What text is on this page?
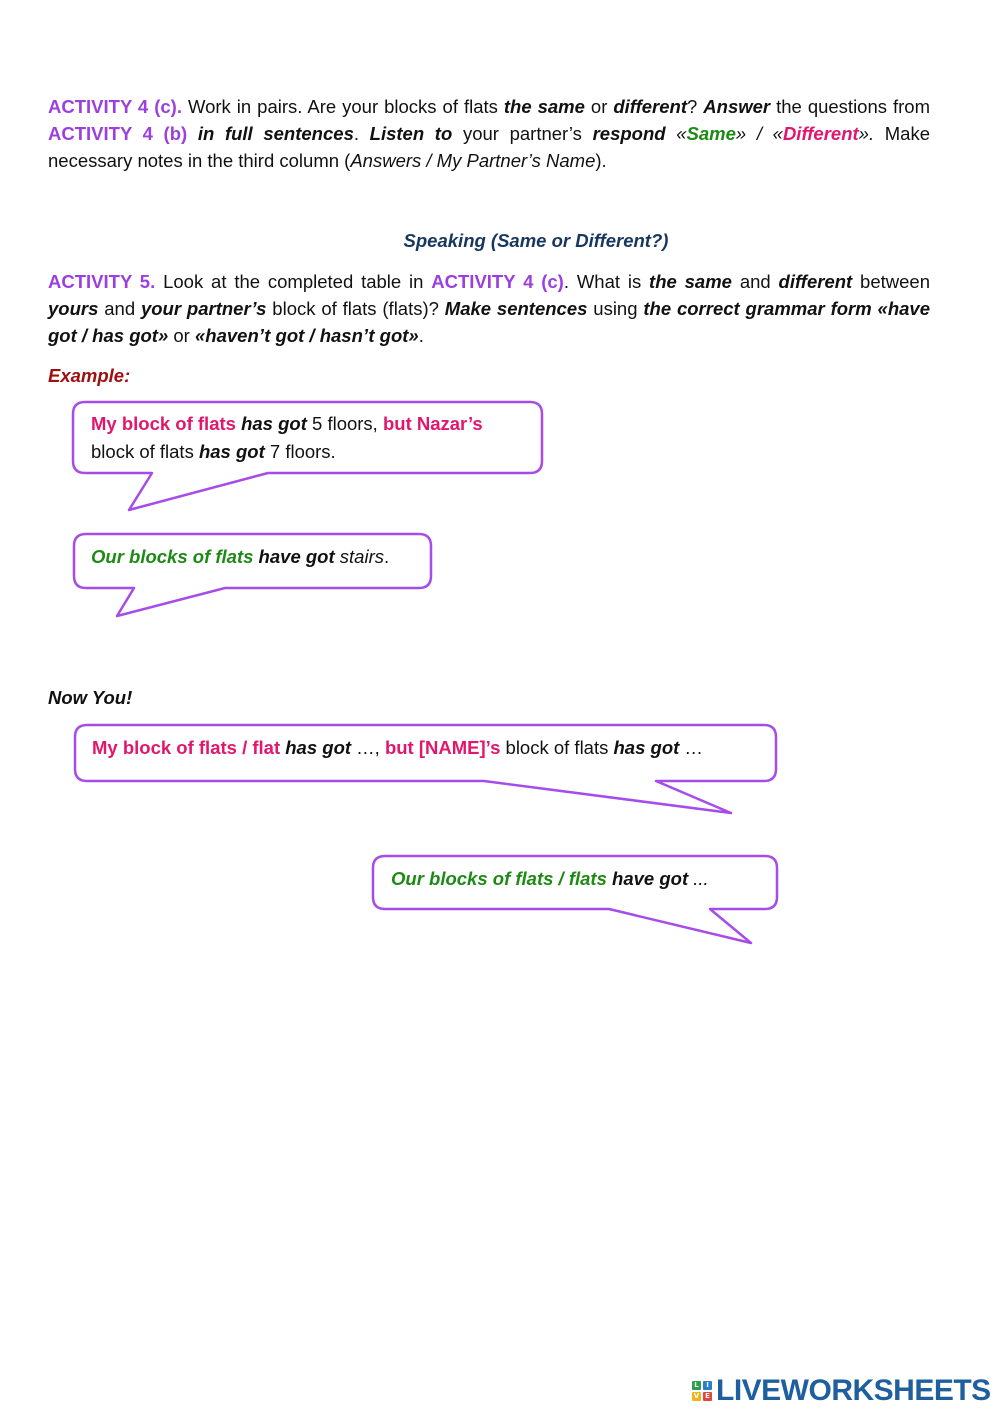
ACTIVITY 4 (c). Work in pairs. Are your blocks of flats the same or different? Answer the questions from ACTIVITY 4 (b) in full sentences. Listen to your partner’s respond «Same» / «Different». Make necessary notes in the third column (Answers / My Partner’s Name).

Speaking (Same or Different?)

ACTIVITY 5. Look at the completed table in ACTIVITY 4 (c). What is the same and different between yours and your partner’s block of flats (flats)? Make sentences using the correct grammar form «have got / has got» or «haven’t got / hasn’t got».

Example:

My block of flats has got 5 floors, but Nazar’s
block of flats has got 7 floors.

Our blocks of flats have got stairs.

Now You!

My block of flats / flat has got …, but [NAME]’s block of flats has got …

Our blocks of flats / flats have got ...

L	I
V E LIVEWORKSHEETS
